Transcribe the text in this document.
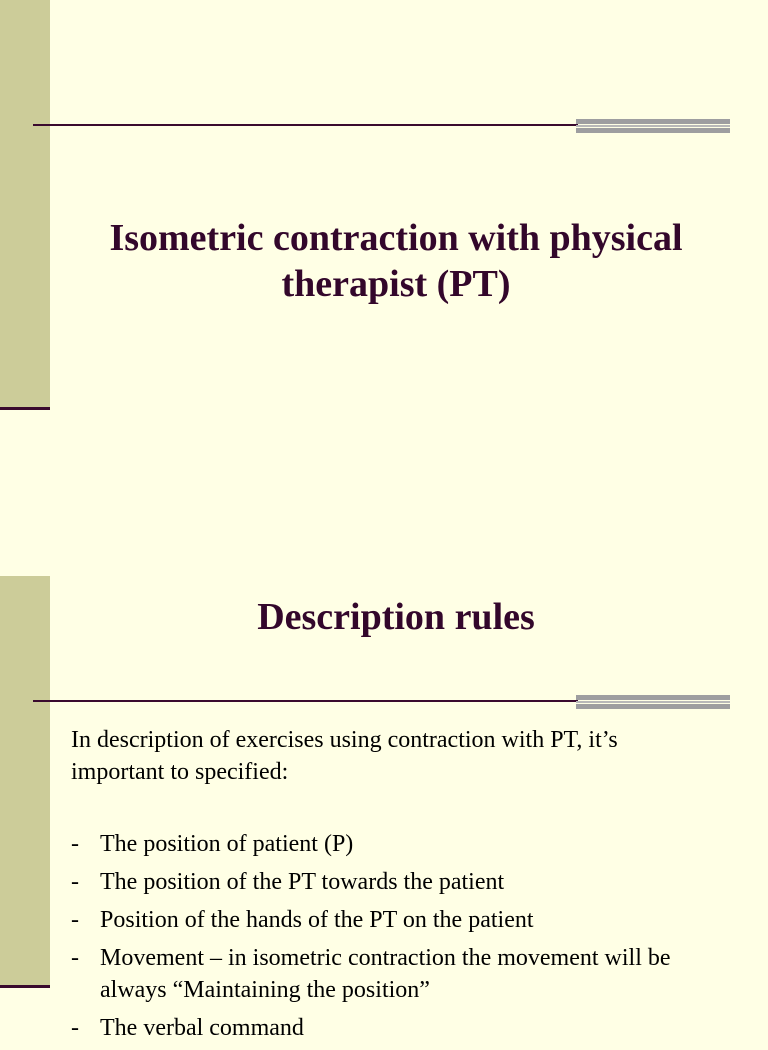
Isometric contraction with physical
therapist (PT)
Description rules
In description of exercises using contraction with PT, it’s
important to specified:
- The position of patient (P)
- The position of the PT towards the patient
- Position of the hands of the PT on the patient
- Movement – in isometric contraction the movement will be always “Maintaining the position”
- The verbal command
